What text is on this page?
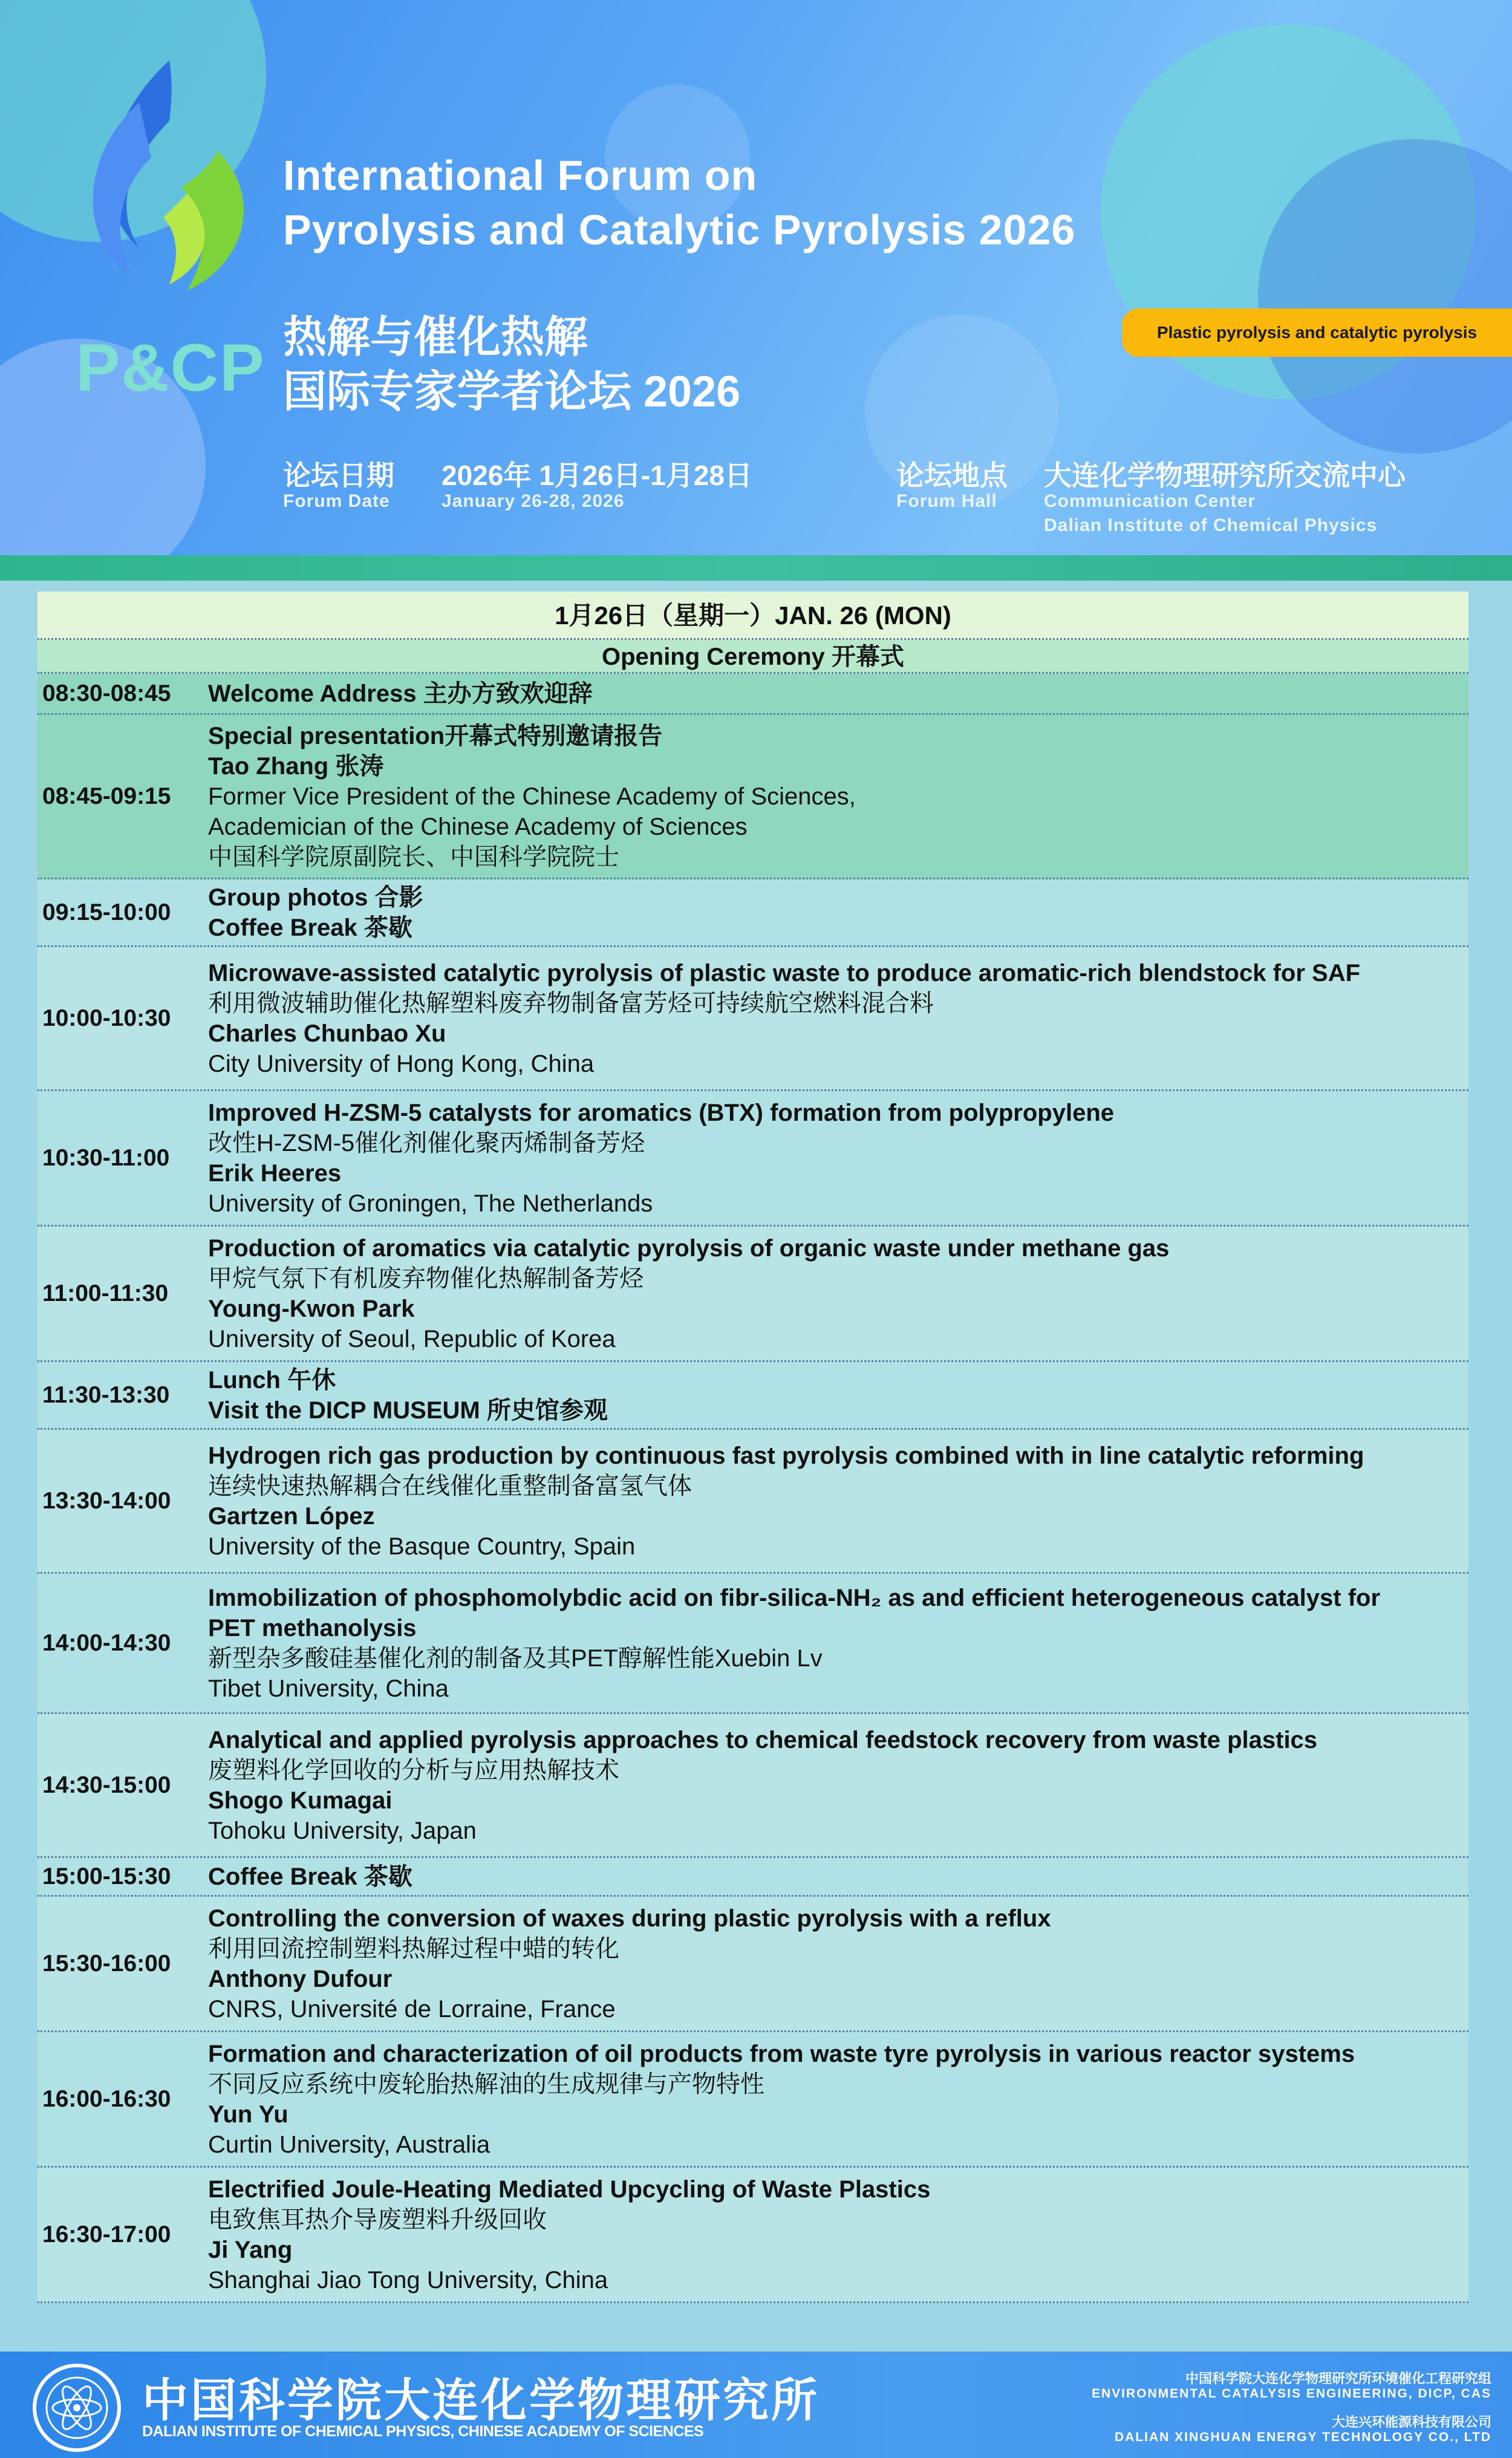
P&CP
International Forum on
Pyrolysis and Catalytic Pyrolysis 2026
热解与催化热解
国际专家学者论坛 2026
Plastic pyrolysis and catalytic pyrolysis
论坛日期
Forum Date
2026年 1月26日-1月28日
January 26-28, 2026
论坛地点
Forum Hall
大连化学物理研究所交流中心
Communication Center
Dalian Institute of Chemical Physics
1月26日（星期一）JAN. 26 (MON)
Opening Ceremony 开幕式
08:30-08:45 Welcome Address 主办方致欢迎辞
08:45-09:15
Special presentation开幕式特别邀请报告
Tao Zhang 张涛
Former Vice President of the Chinese Academy of Sciences,
Academician of the Chinese Academy of Sciences
中国科学院原副院长、中国科学院院士
09:15-10:00
Group photos 合影
Coffee Break 茶歇
10:00-10:30
Microwave-assisted catalytic pyrolysis of plastic waste to produce aromatic-rich blendstock for SAF
利用微波辅助催化热解塑料废弃物制备富芳烃可持续航空燃料混合料
Charles Chunbao Xu
City University of Hong Kong, China
10:30-11:00
Improved H-ZSM-5 catalysts for aromatics (BTX) formation from polypropylene
改性H-ZSM-5催化剂催化聚丙烯制备芳烃
Erik Heeres
University of Groningen, The Netherlands
11:00-11:30
Production of aromatics via catalytic pyrolysis of organic waste under methane gas
甲烷气氛下有机废弃物催化热解制备芳烃
Young-Kwon Park
University of Seoul, Republic of Korea
11:30-13:30
Lunch 午休
Visit the DICP MUSEUM 所史馆参观
13:30-14:00
Hydrogen rich gas production by continuous fast pyrolysis combined with in line catalytic reforming
连续快速热解耦合在线催化重整制备富氢气体
Gartzen López
University of the Basque Country, Spain
14:00-14:30
Immobilization of phosphomolybdic acid on fibr-silica-NH₂ as and efficient heterogeneous catalyst for
PET methanolysis
新型杂多酸硅基催化剂的制备及其PET醇解性能Xuebin Lv
Tibet University, China
14:30-15:00
Analytical and applied pyrolysis approaches to chemical feedstock recovery from waste plastics
废塑料化学回收的分析与应用热解技术
Shogo Kumagai
Tohoku University, Japan
15:00-15:30 Coffee Break 茶歇
15:30-16:00
Controlling the conversion of waxes during plastic pyrolysis with a reflux
利用回流控制塑料热解过程中蜡的转化
Anthony Dufour
CNRS, Université de Lorraine, France
16:00-16:30
Formation and characterization of oil products from waste tyre pyrolysis in various reactor systems
不同反应系统中废轮胎热解油的生成规律与产物特性
Yun Yu
Curtin University, Australia
16:30-17:00
Electrified Joule-Heating Mediated Upcycling of Waste Plastics
电致焦耳热介导废塑料升级回收
Ji Yang
Shanghai Jiao Tong University, China
中国科学院大连化学物理研究所
DALIAN INSTITUTE OF CHEMICAL PHYSICS, CHINESE ACADEMY OF SCIENCES
中国科学院大连化学物理研究所环境催化工程研究组
ENVIRONMENTAL CATALYSIS ENGINEERING, DICP, CAS
大连兴环能源科技有限公司
DALIAN XINGHUAN ENERGY TECHNOLOGY CO., LTD
